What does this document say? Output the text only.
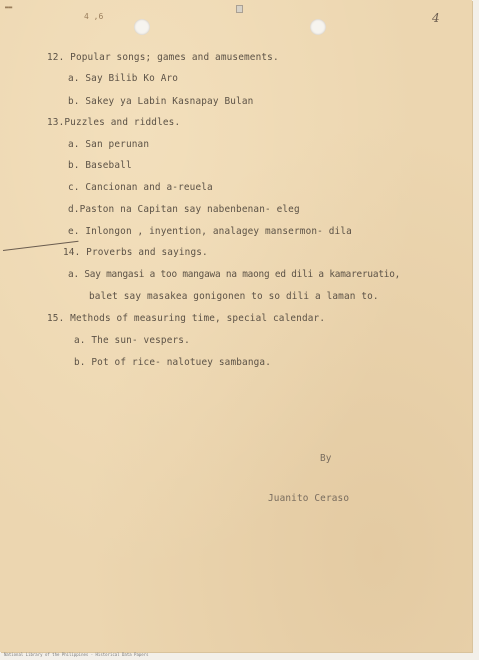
▬▬
4 ,6	4
12. Popular songs; games and amusements.
a. Say Bilib Ko Aro
b. Sakey ya Labin Kasnapay Bulan
13.Puzzles and riddles.
a. San perunan
b. Baseball
c. Cancionan and a-reuela
d.Paston na Capitan say nabenbenan- eleg
e. Inlongon , inyention, analagey mansermon- dila
14. Proverbs and sayings.
a. Say mangasi a too mangawa na maong ed dili a kamareruatio,
balet say masakea gonigonen to so dili a laman to.
15. Methods of measuring time, special calendar.
a. The sun- vespers.
b. Pot of rice- nalotuey sambanga.
By
Juanito Ceraso
National Library of the Philippines · Historical Data Papers
